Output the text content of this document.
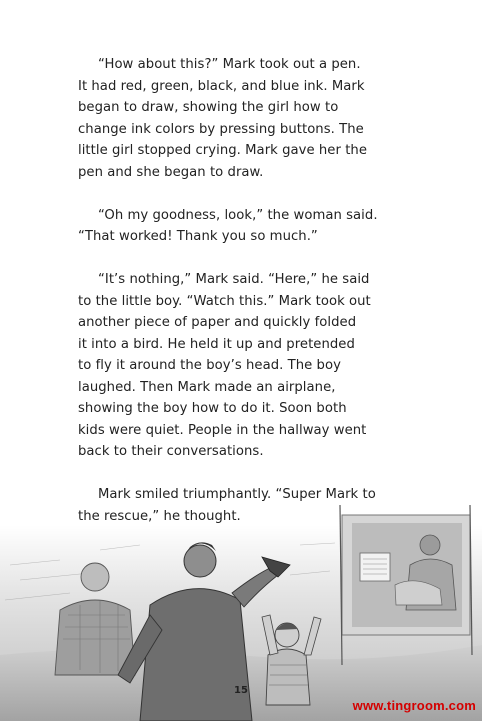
“How about this?” Mark took out a pen.
It had red, green, black, and blue ink. Mark
began to draw, showing the girl how to
change ink colors by pressing buttons. The
little girl stopped crying. Mark gave her the
pen and she began to draw.

“Oh my goodness, look,” the woman said.
“That worked! Thank you so much.”

“It’s nothing,” Mark said. “Here,” he said
to the little boy. “Watch this.” Mark took out
another piece of paper and quickly folded
it into a bird. He held it up and pretended
to fly it around the boy’s head. The boy
laughed. Then Mark made an airplane,
showing the boy how to do it. Soon both
kids were quiet. People in the hallway went
back to their conversations.

Mark smiled triumphantly. “Super Mark to
the rescue,” he thought.

15
www.tingroom.com
